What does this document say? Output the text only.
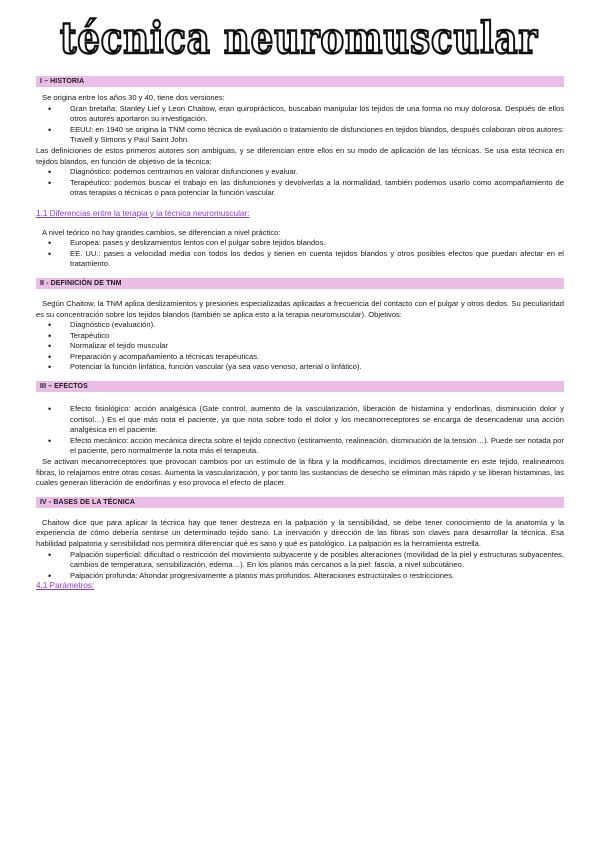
técnica neuromuscular
I – HISTORIA

Se origina entre los años 30 y 40, tiene dos versiones:

• Gran bretaña: Stanley Lief y Leon Chaitow, eran quiroprácticos, buscaban manipular los tejidos de una forma no muy dolorosa. Después de ellos otros autores aportaron su investigación.
• EEUU: en 1940 se origina la TNM como técnica de evaluación o tratamiento de disfunciones en tejidos blandos, después colaboran otros autores: Travell y Simons y Paul Saint John.

Las definiciones de estos primeros autores son ambiguas, y se diferencian entre ellos en su modo de aplicación de las técnicas. Se usa esta técnica en tejidos blandos, en función de objetivo de la técnica:

• Diagnóstico: podemos centrarnos en valorar disfunciones y evaluar.
• Terapéutico: podemos buscar el trabajo en las disfunciones y devolverlas a la normalidad, también podemos usarlo como acompañamiento de otras terapias o técnicas o para potenciar la función vascular.

1.1 Diferencias entre la terapia y la técnica neuromuscular:

A nivel teórico no hay grandes cambios, se diferencian a nivel práctico:

• Europea: pases y deslizamientos lentos con el pulgar sobre tejidos blandos.
• EE. UU.: pases a velocidad media con todos los dedos y tienen en cuenta tejidos blandos y otros posibles efectos que puedan afectar en el tratamiento.
II - DEFINICIÓN DE TNM

Según Chaitow, la TNM aplica deslizamientos y presiones especializadas aplicadas a frecuencia del contacto con el pulgar y otros dedos. Su peculiaridad es su concentración sobre los tejidos blandos (también se aplica esto a la terapia neuromuscular). Objetivos:

• Diagnóstico (evaluación).
• Terapéutico
• Normalizar el tejido muscular
• Preparación y acompañamiento a técnicas terapéuticas.
• Potenciar la función linfática, función vascular (ya sea vaso venoso, arterial o linfático).
III – EFECTOS
• Efecto fisiológico: acción analgésica (Gate control, aumento de la vascularización, liberación de histamina y endorfinas, disminución dolor y cortisol…) Es el que más nota el paciente, ya que nota sobre todo el dolor y los mecanorreceptores se encarga de desencadenar una acción analgésica en el paciente.
• Efecto mecánico: acción mecánica directa sobre el tejido conectivo (estiramiento, realineación, disminución de la tensión…). Puede ser notada por el paciente, pero normalmente la nota más el terapeuta.

Se activan mecanorreceptores que provocan cambios por un estímulo de la fibra y la modificamos, incidimos directamente en este tejido, realineamos fibras, lo relajamos entre otras cosas. Aumenta la vascularización, y por tanto las sustancias de desecho se eliminan más rápido y se liberan histaminas, las cuales generan liberación de endorfinas y eso provoca el efecto de placer.

IV - BASES DE LA TÉCNICA

Chaitow dice que para aplicar la técnica hay que tener destreza en la palpación y la sensibilidad, se debe tener conocimiento de la anatomía y la experiencia de cómo debería sentirse un determinado tejido sano. La inervación y dirección de las fibras son claves para desarrollar la técnica. Esa habilidad palpatoria y sensibilidad nos permitirá diferenciar qué es sano y qué es patológico. La palpación es la herramienta estrella.

• Palpación superficial: dificultad o restricción del movimiento subyacente y de posibles alteraciones (movilidad de la piel y estructuras subyacentes, cambios de temperatura, sensibilización, edema…). En los planos más cercanos a la piel: fascia, a nivel subcutáneo.
• Palpación profunda: Ahondar progresivamente a planos más profundos. Alteraciones estructurales o restricciones.

4.1 Parámetros:
